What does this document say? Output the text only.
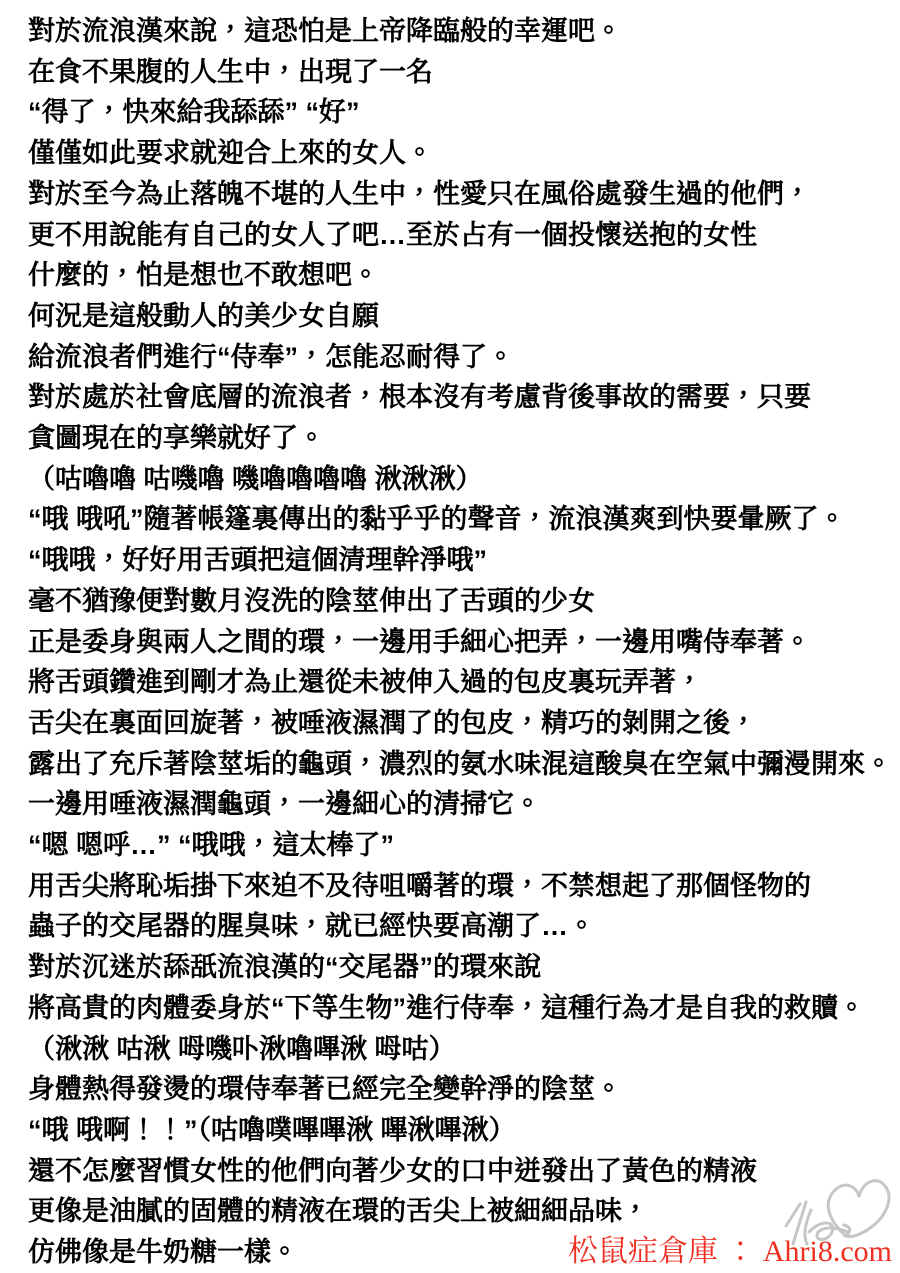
對於流浪漢來說，這恐怕是上帝降臨般的幸運吧。
在食不果腹的人生中，出現了一名
“得了，快來給我舔舔” “好”
僅僅如此要求就迎合上來的女人。
對於至今為止落魄不堪的人生中，性愛只在風俗處發生過的他們，
更不用說能有自己的女人了吧…至於占有一個投懷送抱的女性
什麼的，怕是想也不敢想吧。
何況是這般動人的美少女自願
給流浪者們進行“侍奉”，怎能忍耐得了。
對於處於社會底層的流浪者，根本沒有考慮背後事故的需要，只要
貪圖現在的享樂就好了。
（咕嚕嚕 咕嘰嚕 嘰嚕嚕嚕嚕 湫湫湫）
“哦 哦吼”隨著帳篷裏傳出的黏乎乎的聲音，流浪漢爽到快要暈厥了。
“哦哦，好好用舌頭把這個清理幹淨哦”
毫不猶豫便對數月沒洗的陰莖伸出了舌頭的少女
正是委身與兩人之間的環，一邊用手細心把弄，一邊用嘴侍奉著。
將舌頭鑽進到剛才為止還從未被伸入過的包皮裏玩弄著，
舌尖在裏面回旋著，被唾液濕潤了的包皮，精巧的剝開之後，
露出了充斥著陰莖垢的龜頭，濃烈的氨水味混這酸臭在空氣中彌漫開來。
一邊用唾液濕潤龜頭，一邊細心的清掃它。
“嗯 嗯呼…” “哦哦，這太棒了”
用舌尖將恥垢掛下來迫不及待咀嚼著的環，不禁想起了那個怪物的
蟲子的交尾器的腥臭味，就已經快要高潮了…。
對於沉迷於舔舐流浪漢的“交尾器”的環來說
將高貴的肉體委身於“下等生物”進行侍奉，這種行為才是自我的救贖。
（湫湫 咕湫 呣嘰卟湫嚕嗶湫 呣咕）
身體熱得發燙的環侍奉著已經完全變幹淨的陰莖。
“哦 哦啊！！”（咕嚕噗嗶嗶湫 嗶湫嗶湫）
還不怎麼習慣女性的他們向著少女的口中迸發出了黃色的精液
更像是油膩的固體的精液在環的舌尖上被細細品味，
仿佛像是牛奶糖一樣。	松鼠症倉庫 ： Ahri8.com
